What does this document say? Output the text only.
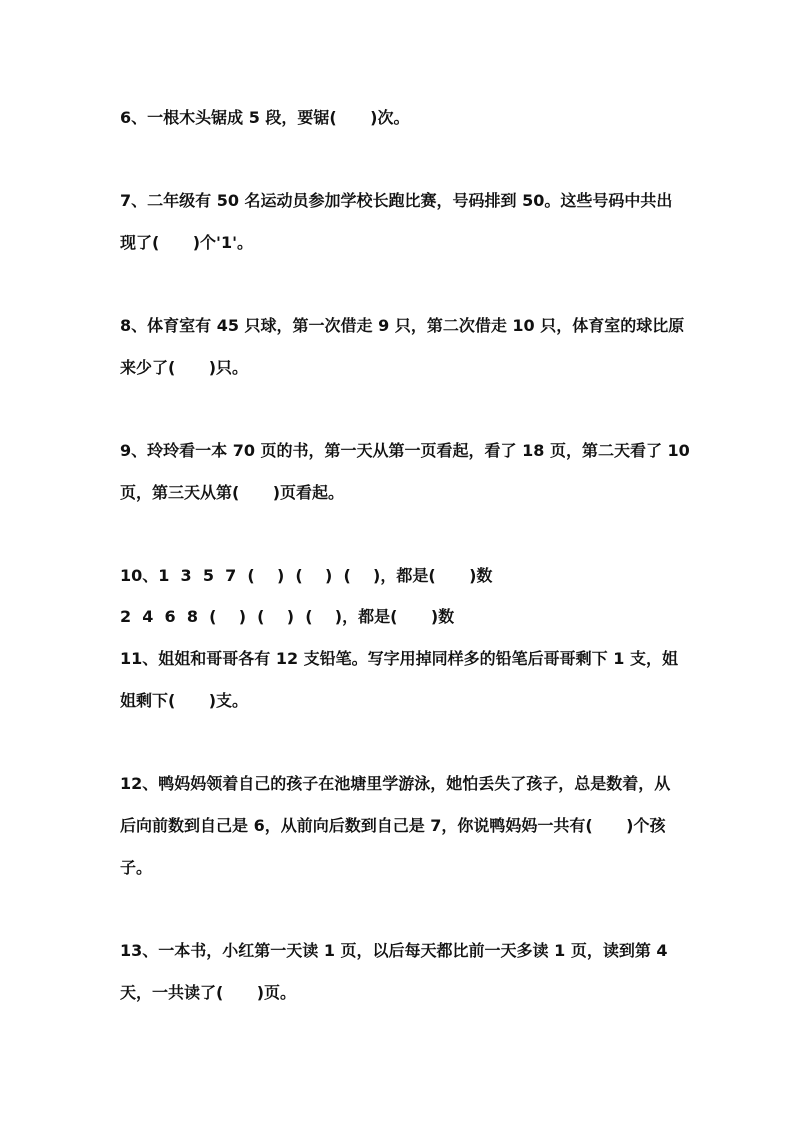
6、一根木头锯成 5 段，要锯(      )次。
7、二年级有 50 名运动员参加学校长跑比赛，号码排到 50。这些号码中共出
现了(      )个'1'。
8、体育室有 45 只球，第一次借走 9 只，第二次借走 10 只，体育室的球比原
来少了(      )只。
9、玲玲看一本 70 页的书，第一天从第一页看起，看了 18 页，第二天看了 10
页，第三天从第(      )页看起。
10、1  3  5  7  (    )  (    )  (    )，都是(      )数
2  4  6  8  (    )  (    )  (    )，都是(      )数
11、姐姐和哥哥各有 12 支铅笔。写字用掉同样多的铅笔后哥哥剩下 1 支，姐
姐剩下(      )支。
12、鸭妈妈领着自己的孩子在池塘里学游泳，她怕丢失了孩子，总是数着，从
后向前数到自己是 6，从前向后数到自己是 7，你说鸭妈妈一共有(      )个孩
子。
13、一本书，小红第一天读 1 页，以后每天都比前一天多读 1 页，读到第 4
天，一共读了(      )页。
